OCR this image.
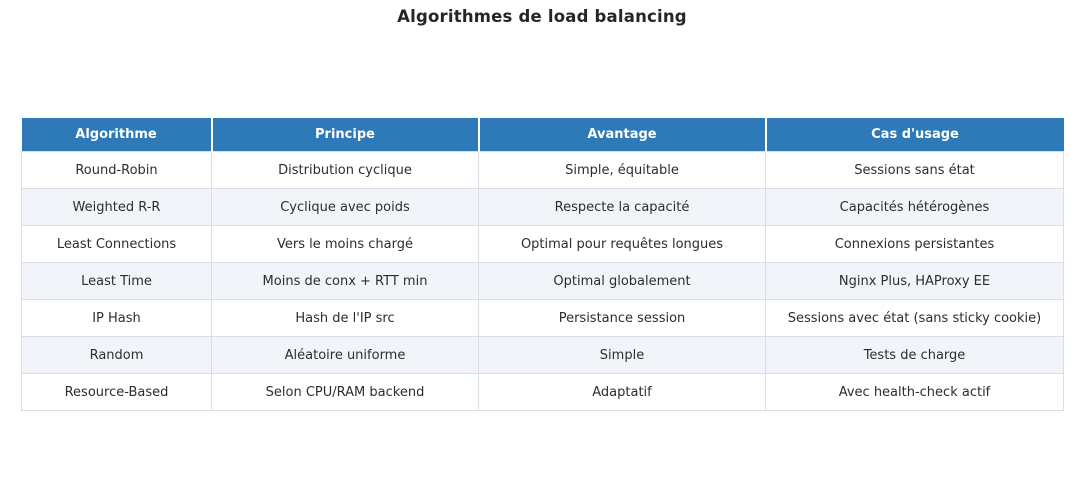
Algorithmes de load balancing
Algorithme	Principe	Avantage	Cas d'usage
Round-Robin	Distribution cyclique	Simple, équitable	Sessions sans état
Weighted R-R	Cyclique avec poids	Respecte la capacité	Capacités hétérogènes
Least Connections	Vers le moins chargé	Optimal pour requêtes longues	Connexions persistantes
Least Time	Moins de conx + RTT min	Optimal globalement	Nginx Plus, HAProxy EE
IP Hash	Hash de l'IP src	Persistance session	Sessions avec état (sans sticky cookie)
Random	Aléatoire uniforme	Simple	Tests de charge
Resource-Based	Selon CPU/RAM backend	Adaptatif	Avec health-check actif
